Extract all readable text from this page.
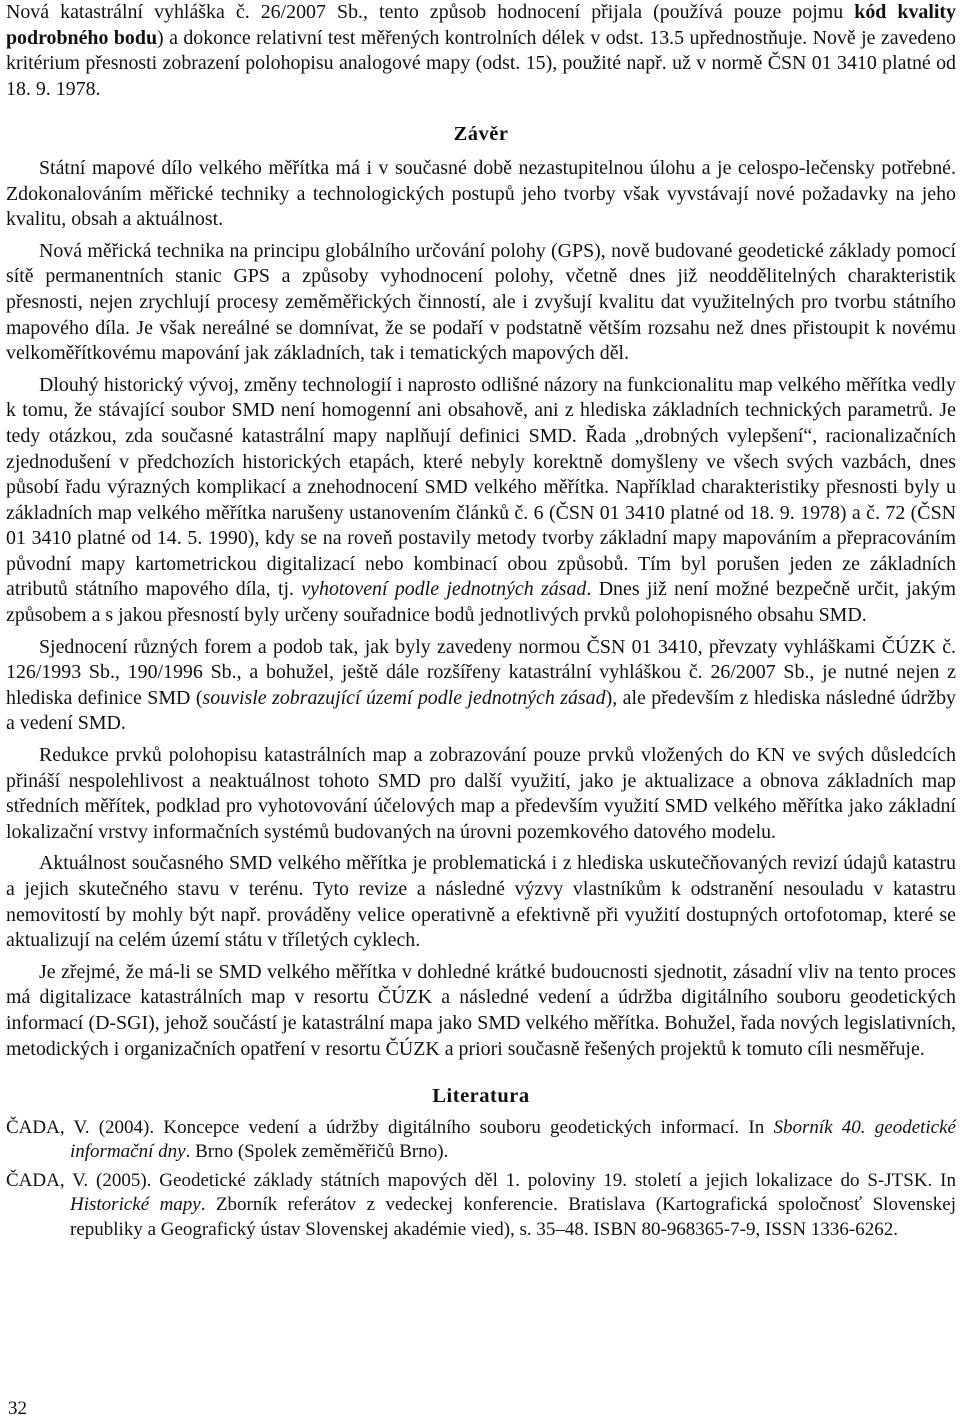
Nová katastrální vyhláška č. 26/2007 Sb., tento způsob hodnocení přijala (používá pouze pojmu kód kvality podrobného bodu) a dokonce relativní test měřených kontrolních délek v odst. 13.5 upřednostňuje. Nově je zavedeno kritérium přesnosti zobrazení polohopisu analogové mapy (odst. 15), použité např. už v normě ČSN 01 3410 platné od 18. 9. 1978.

Závěr

Státní mapové dílo velkého měřítka má i v současné době nezastupitelnou úlohu a je celospo-lečensky potřebné. Zdokonalováním měřické techniky a technologických postupů jeho tvorby však vyvstávají nové požadavky na jeho kvalitu, obsah a aktuálnost.

Nová měřická technika na principu globálního určování polohy (GPS), nově budované geodetické základy pomocí sítě permanentních stanic GPS a způsoby vyhodnocení polohy, včetně dnes již neoddělitelných charakteristik přesnosti, nejen zrychlují procesy zeměměřických činností, ale i zvyšují kvalitu dat využitelných pro tvorbu státního mapového díla. Je však nereálné se domnívat, že se podaří v podstatně větším rozsahu než dnes přistoupit k novému velkoměřítkovému mapování jak základních, tak i tematických mapových děl.

Dlouhý historický vývoj, změny technologií i naprosto odlišné názory na funkcionalitu map velkého měřítka vedly k tomu, že stávající soubor SMD není homogenní ani obsahově, ani z hlediska základních technických parametrů. Je tedy otázkou, zda současné katastrální mapy naplňují definici SMD. Řada „drobných vylepšení“, racionalizačních zjednodušení v předchozích historických etapách, které nebyly korektně domyšleny ve všech svých vazbách, dnes působí řadu výrazných komplikací a znehodnocení SMD velkého měřítka. Například charakteristiky přesnosti byly u základních map velkého měřítka narušeny ustanovením článků č. 6 (ČSN 01 3410 platné od 18. 9. 1978) a č. 72 (ČSN 01 3410 platné od 14. 5. 1990), kdy se na roveň postavily metody tvorby základní mapy mapováním a přepracováním původní mapy kartometrickou digitalizací nebo kombinací obou způsobů. Tím byl porušen jeden ze základních atributů státního mapového díla, tj. vyhotovení podle jednotných zásad. Dnes již není možné bezpečně určit, jakým způsobem a s jakou přesností byly určeny souřadnice bodů jednotlivých prvků polohopisného obsahu SMD.

Sjednocení různých forem a podob tak, jak byly zavedeny normou ČSN 01 3410, převzaty vyhláškami ČÚZK č. 126/1993 Sb., 190/1996 Sb., a bohužel, ještě dále rozšířeny katastrální vyhláškou č. 26/2007 Sb., je nutné nejen z hlediska definice SMD (souvisle zobrazující území podle jednotných zásad), ale především z hlediska následné údržby a vedení SMD.

Redukce prvků polohopisu katastrálních map a zobrazování pouze prvků vložených do KN ve svých důsledcích přináší nespolehlivost a neaktuálnost tohoto SMD pro další využití, jako je aktualizace a obnova základních map středních měřítek, podklad pro vyhotovování účelových map a především využití SMD velkého měřítka jako základní lokalizační vrstvy informačních systémů budovaných na úrovni pozemkového datového modelu.

Aktuálnost současného SMD velkého měřítka je problematická i z hlediska uskutečňovaných revizí údajů katastru a jejich skutečného stavu v terénu. Tyto revize a následné výzvy vlastníkům k odstranění nesouladu v katastru nemovitostí by mohly být např. prováděny velice operativně a efektivně při využití dostupných ortofotomap, které se aktualizují na celém území státu v tříletých cyklech.

Je zřejmé, že má-li se SMD velkého měřítka v dohledné krátké budoucnosti sjednotit, zásadní vliv na tento proces má digitalizace katastrálních map v resortu ČÚZK a následné vedení a údržba digitálního souboru geodetických informací (D-SGI), jehož součástí je katastrální mapa jako SMD velkého měřítka. Bohužel, řada nových legislativních, metodických i organizačních opatření v resortu ČÚZK a priori současně řešených projektů k tomuto cíli nesměřuje.

Literatura

ČADA, V. (2004). Koncepce vedení a údržby digitálního souboru geodetických informací. In Sborník 40. geodetické informační dny. Brno (Spolek zeměměřičů Brno).

ČADA, V. (2005). Geodetické základy státních mapových děl 1. poloviny 19. století a jejich lokalizace do S-JTSK. In Historické mapy. Zborník referátov z vedeckej konferencie. Bratislava (Kartografická spoločnosť Slovenskej republiky a Geografický ústav Slovenskej akadémie vied), s. 35–48. ISBN 80-968365-7-9, ISSN 1336-6262.

32
